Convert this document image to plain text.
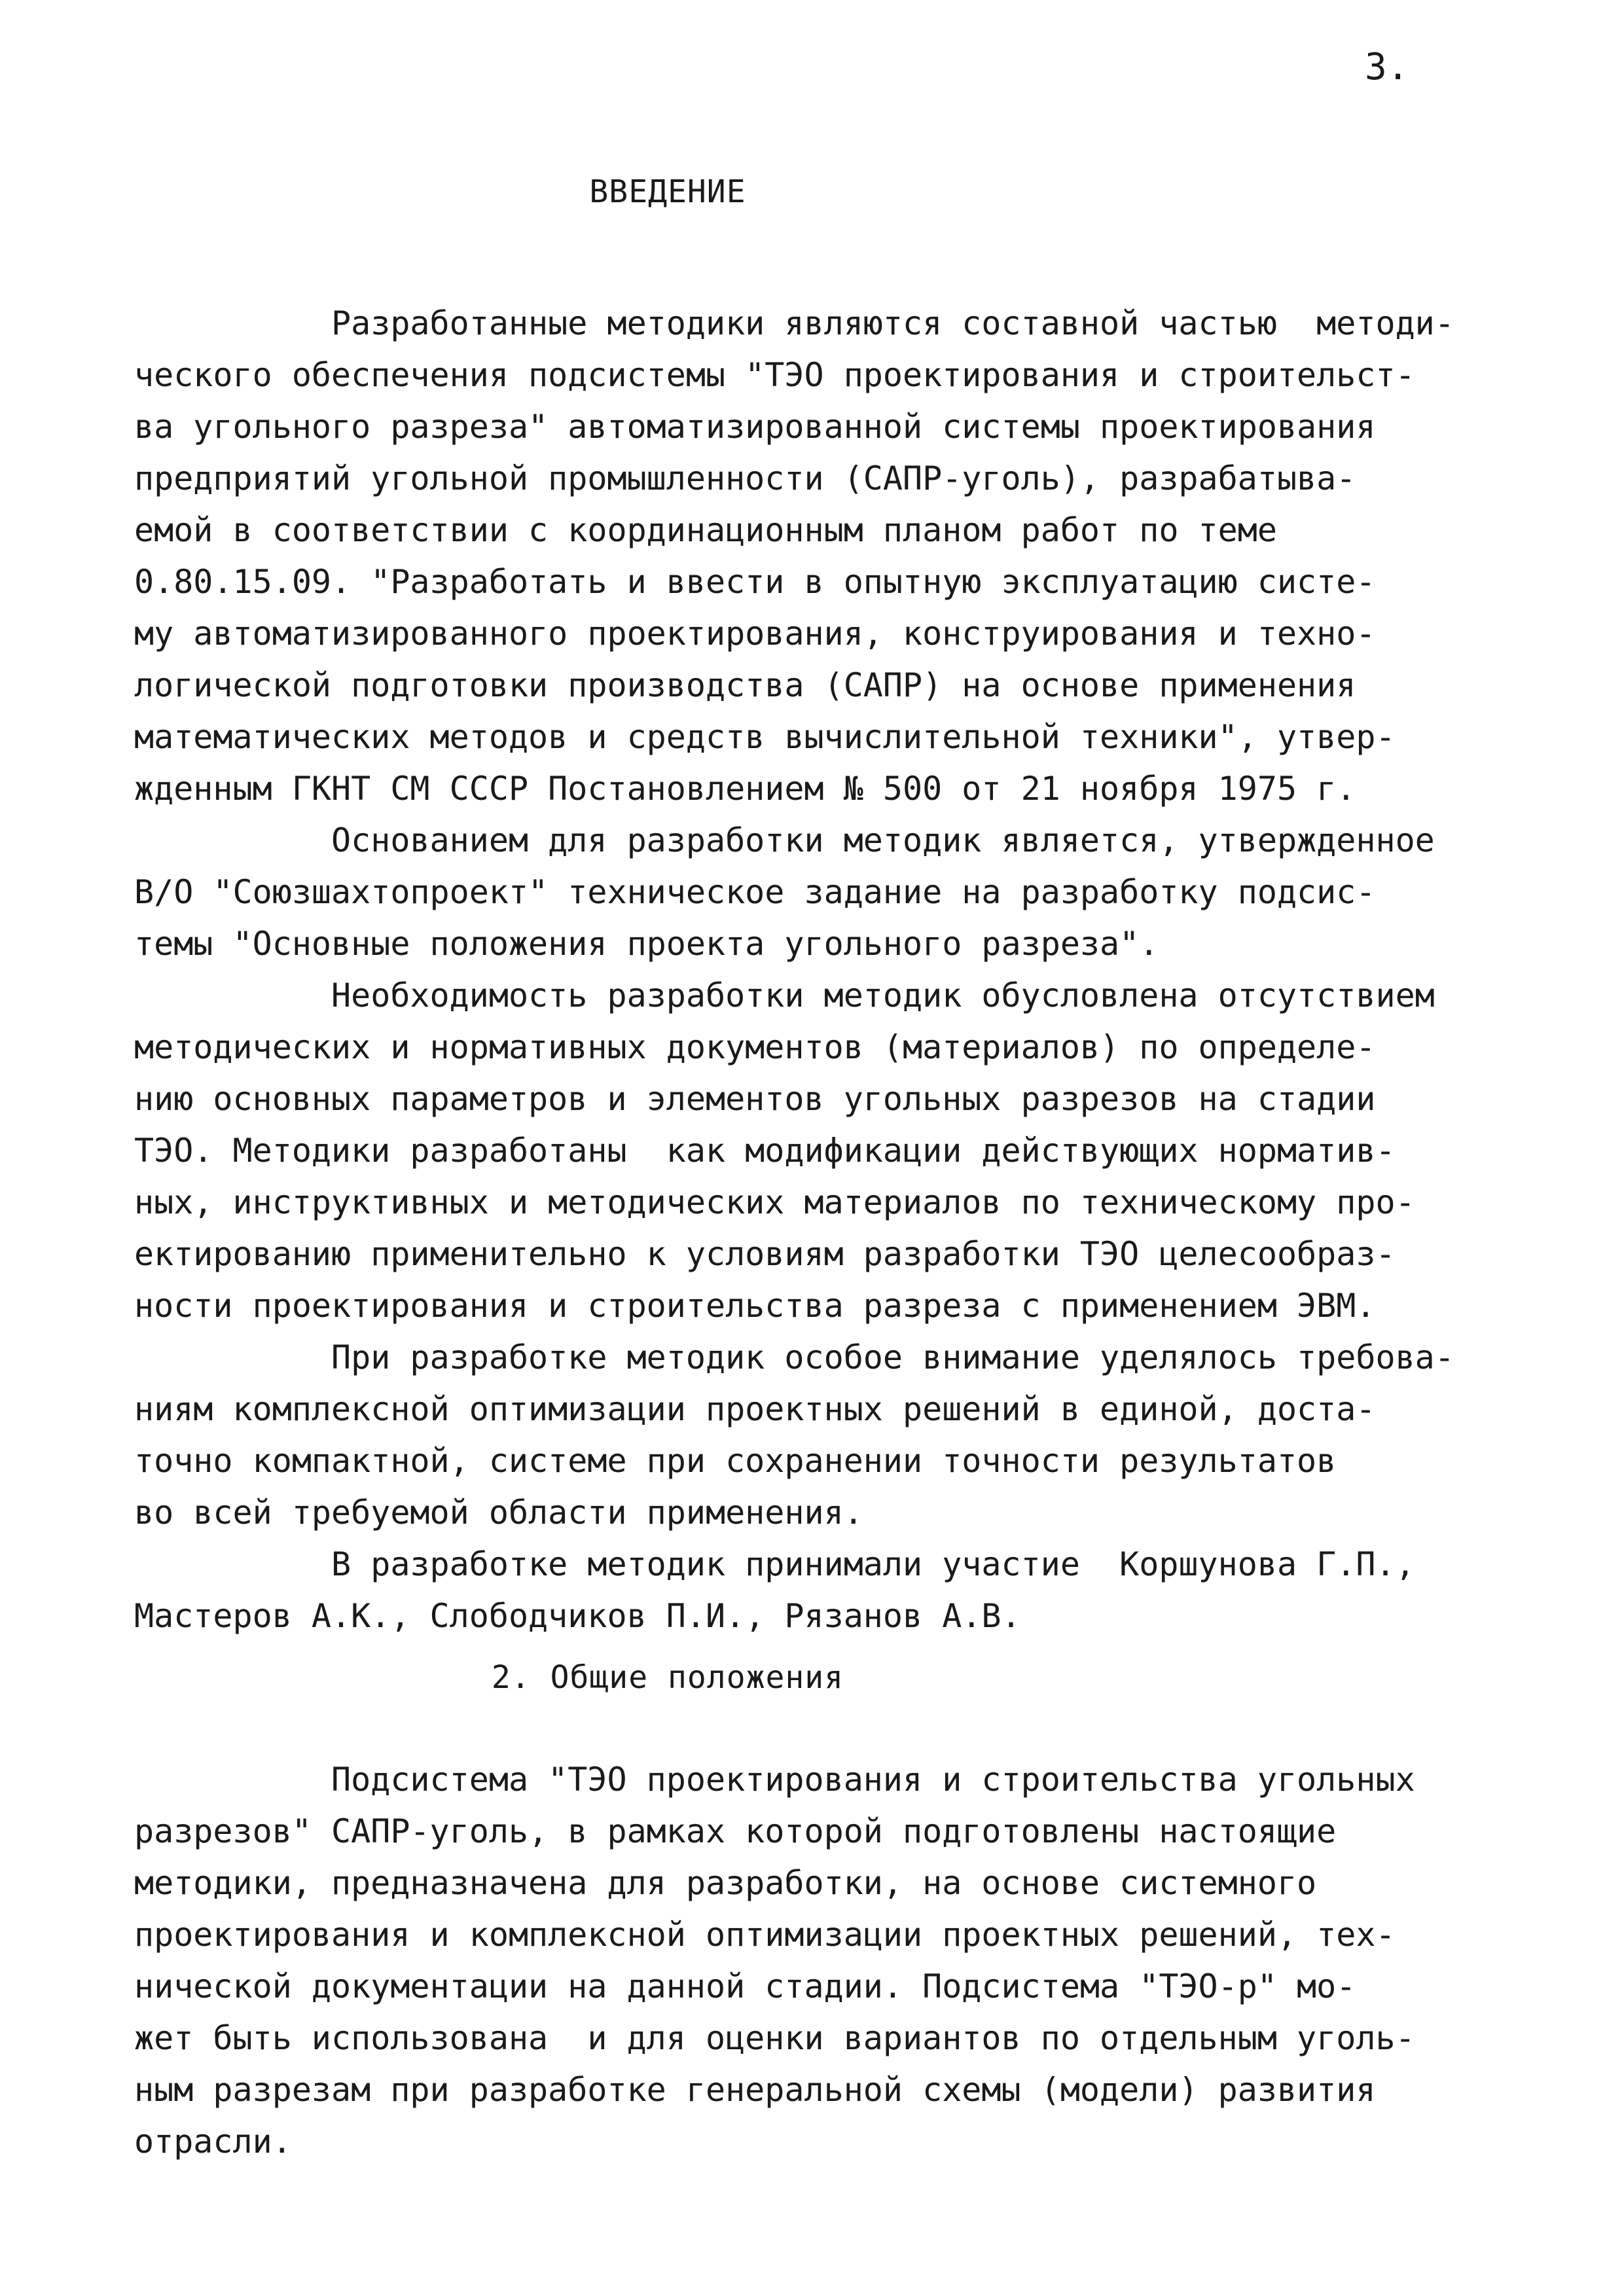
3.
ВВЕДЕНИЕ
Разработанные методики являются составной частью  методи-
ческого обеспечения подсистемы "ТЭО проектирования и строительст-
ва угольного разреза" автоматизированной системы проектирования
предприятий угольной промышленности (САПР-уголь), разрабатыва-
емой в соответствии с координационным планом работ по теме
0.80.15.09. "Разработать и ввести в опытную эксплуатацию систе-
му автоматизированного проектирования, конструирования и техно-
логической подготовки производства (САПР) на основе применения
математических методов и средств вычислительной техники", утвер-
жденным ГКНТ СМ СССР Постановлением № 500 от 21 ноября 1975 г.
Основанием для разработки методик является, утвержденное
В/О "Союзшахтопроект" техническое задание на разработку подсис-
темы "Основные положения проекта угольного разреза".
Необходимость разработки методик обусловлена отсутствием
методических и нормативных документов (материалов) по определе-
нию основных параметров и элементов угольных разрезов на стадии
ТЭО. Методики разработаны  как модификации действующих норматив-
ных, инструктивных и методических материалов по техническому про-
ектированию применительно к условиям разработки ТЭО целесообраз-
ности проектирования и строительства разреза с применением ЭВМ.
При разработке методик особое внимание уделялось требова-
ниям комплексной оптимизации проектных решений в единой, доста-
точно компактной, системе при сохранении точности результатов
во всей требуемой области применения.
В разработке методик принимали участие  Коршунова Г.П.,
Мастеров А.К., Слободчиков П.И., Рязанов А.В.
2. Общие положения
Подсистема "ТЭО проектирования и строительства угольных
разрезов" САПР-уголь, в рамках которой подготовлены настоящие
методики, предназначена для разработки, на основе системного
проектирования и комплексной оптимизации проектных решений, тех-
нической документации на данной стадии. Подсистема "ТЭО-р" мо-
жет быть использована  и для оценки вариантов по отдельным уголь-
ным разрезам при разработке генеральной схемы (модели) развития
отрасли.
